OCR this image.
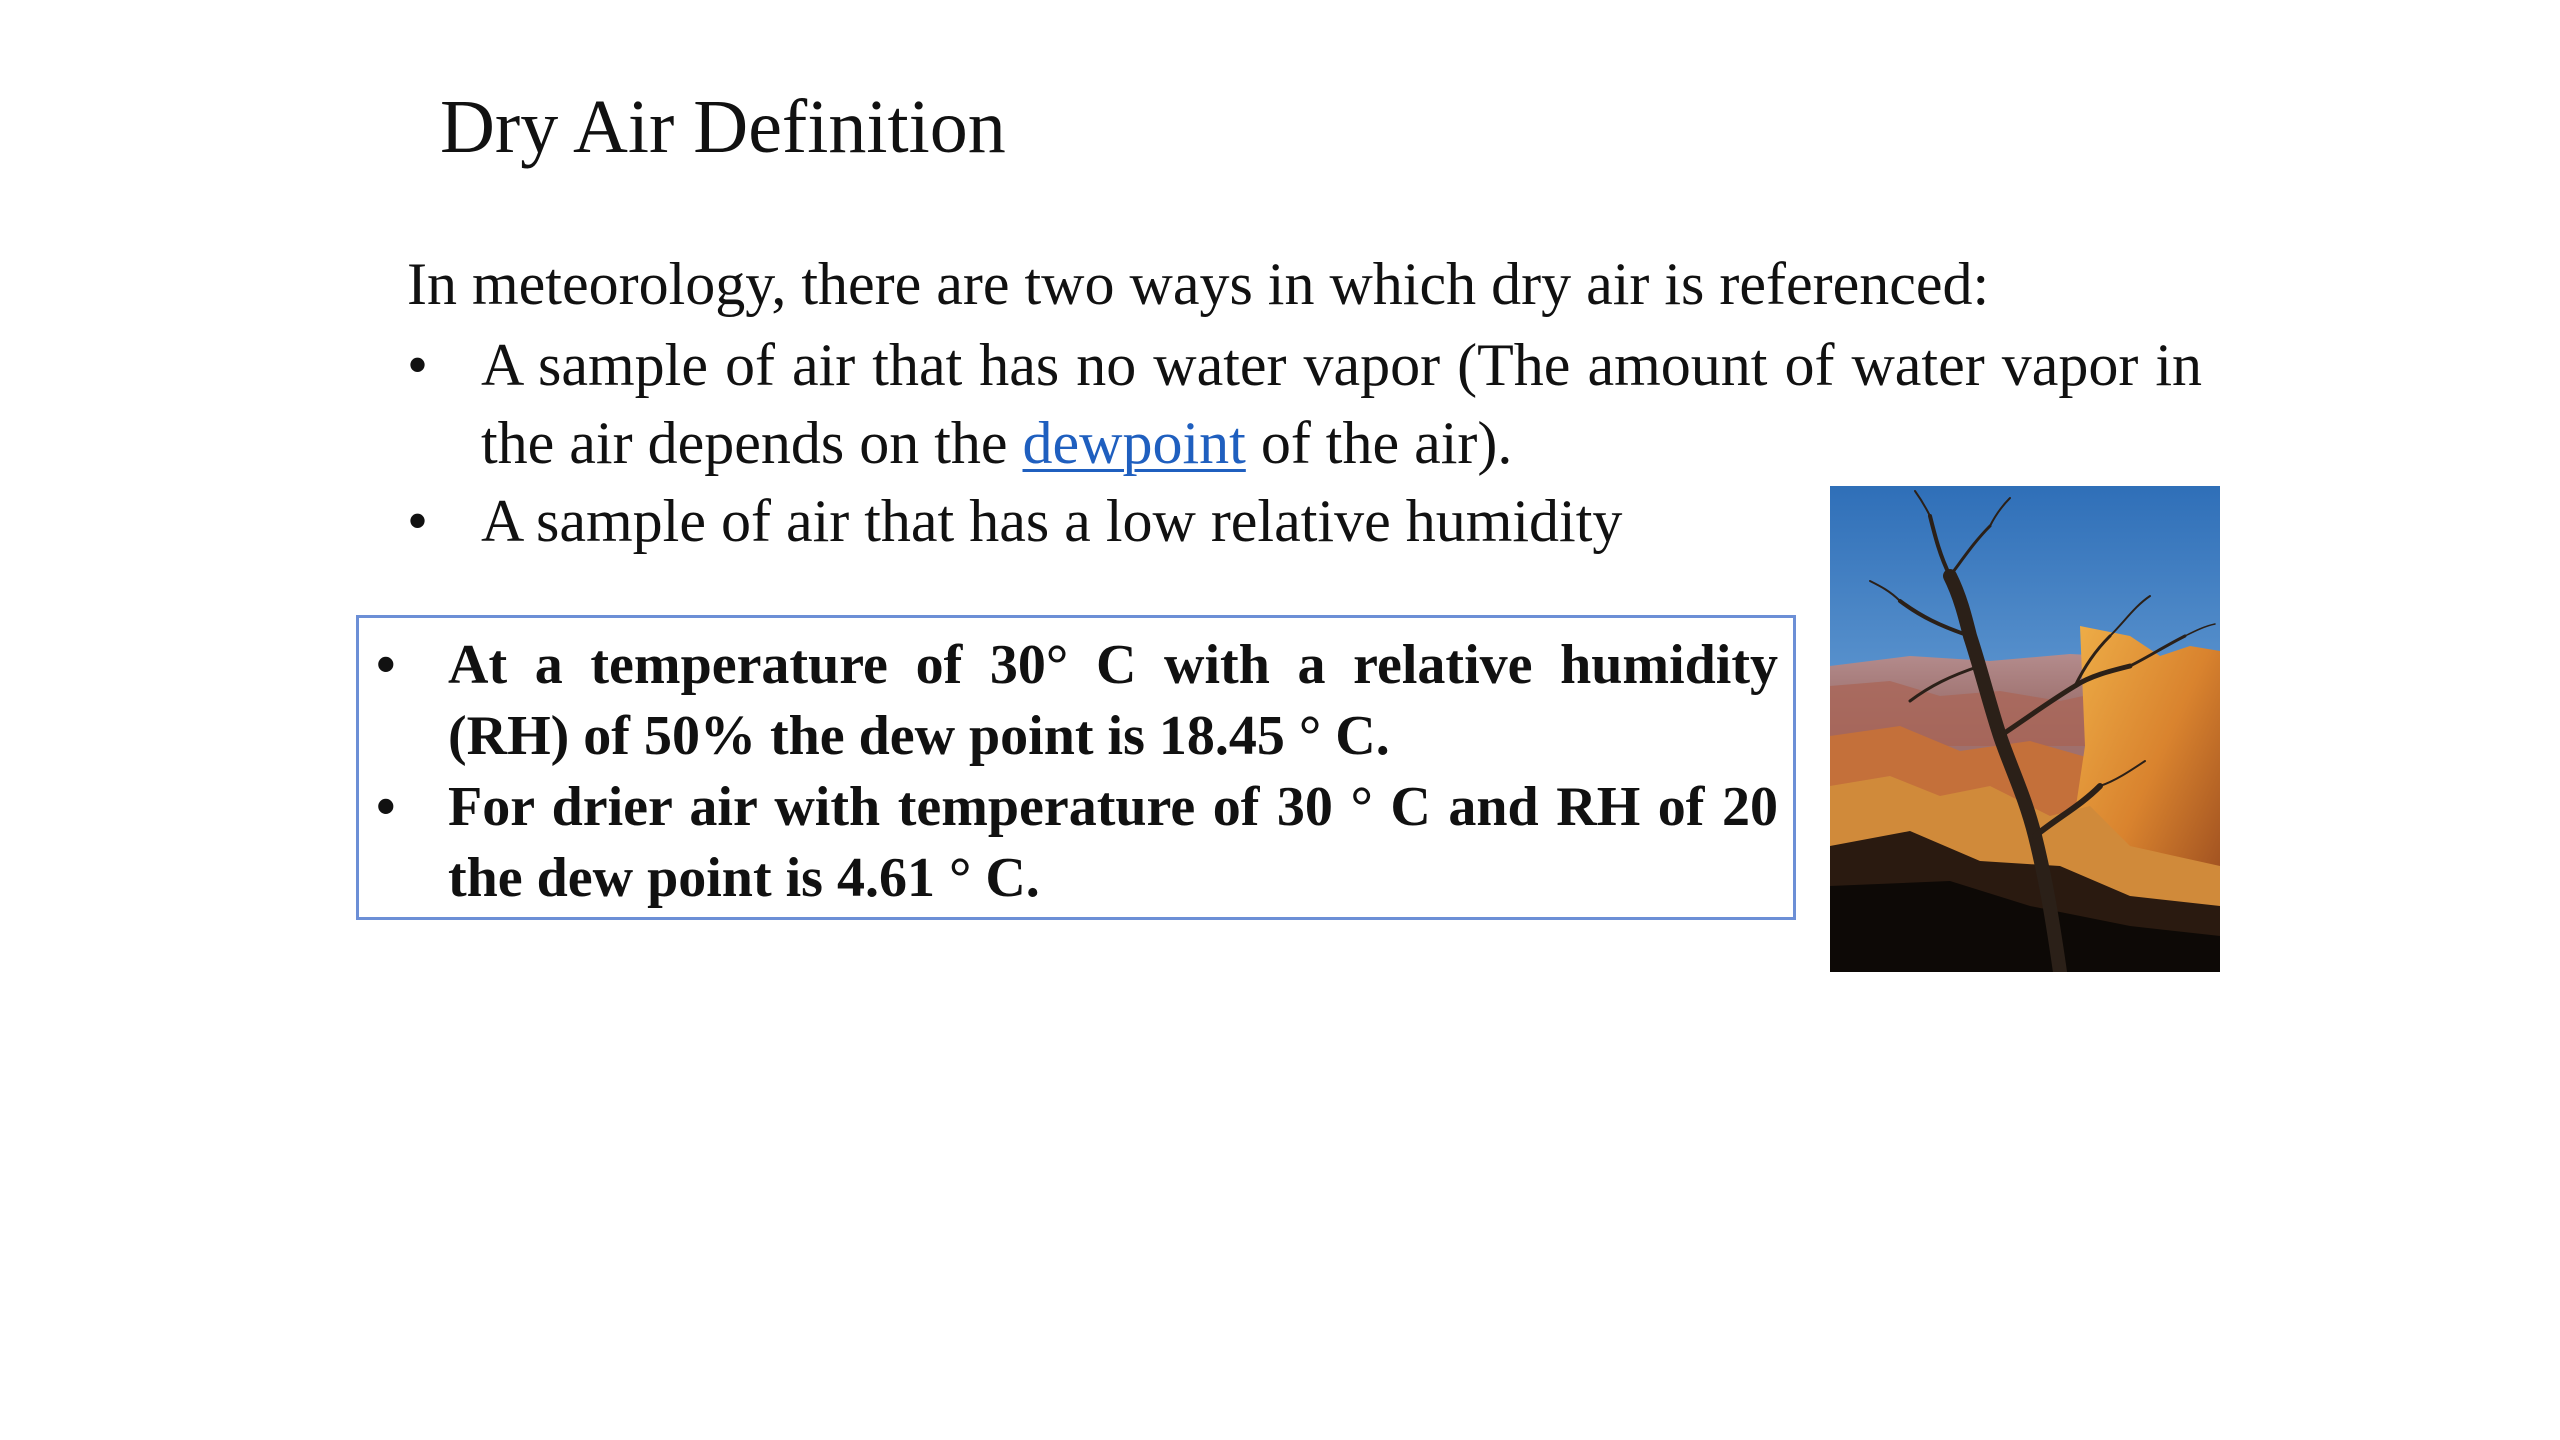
Dry Air Definition
In meteorology, there are two ways in which dry air is referenced:
• A sample of air that has no water vapor (The amount of water vapor in the air depends on the dewpoint of the air).
• A sample of air that has a low relative humidity
• At a temperature of 30° C with a relative humidity (RH) of 50% the dew point is 18.45 ° C.
• For drier air with temperature of 30 ° C and RH of 20 the dew point is 4.61 ° C.
